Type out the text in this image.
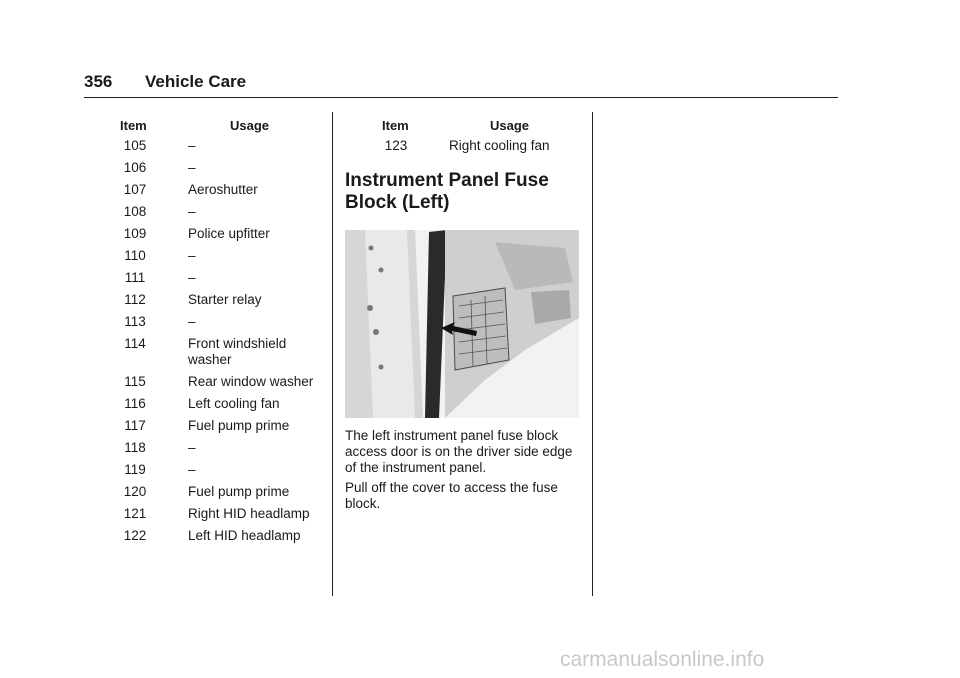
356 Vehicle Care
Item	Usage
105	–
106	–
107	Aeroshutter
108	–
109	Police upfitter
110	–
111	–
112	Starter relay
113	–
114	Front windshield washer
115	Rear window washer
116	Left cooling fan
117	Fuel pump prime
118	–
119	–
120	Fuel pump prime
121	Right HID headlamp
122	Left HID headlamp
Item	Usage
123	Right cooling fan
Instrument Panel Fuse Block (Left)
The left instrument panel fuse block access door is on the driver side edge of the instrument panel.
Pull off the cover to access the fuse block.
carmanualsonline.info
